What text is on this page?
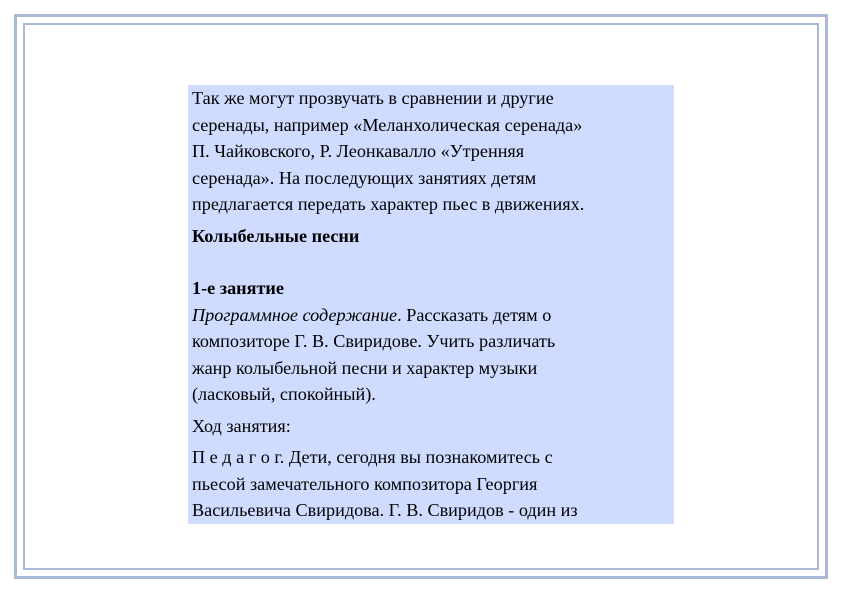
Так же могут прозвучать в сравнении и другие

серенады, например «Меланхолическая серенада»

П. Чайковского, Р. Леонкавалло «Утренняя

серенада». На последующих занятиях детям

предлагается передать характер пьес в движениях.

Колыбельные песни

1-е занятие

Программное содержание. Рассказать детям о

композиторе Г. В. Свиридове. Учить различать

жанр колыбельной песни и характер музыки

(ласковый, спокойный).

Ход занятия:

П е д а г о г. Дети, сегодня вы познакомитесь с

пьесой замечательного композитора Георгия

Васильевича Свиридова. Г. В. Свиридов - один из
